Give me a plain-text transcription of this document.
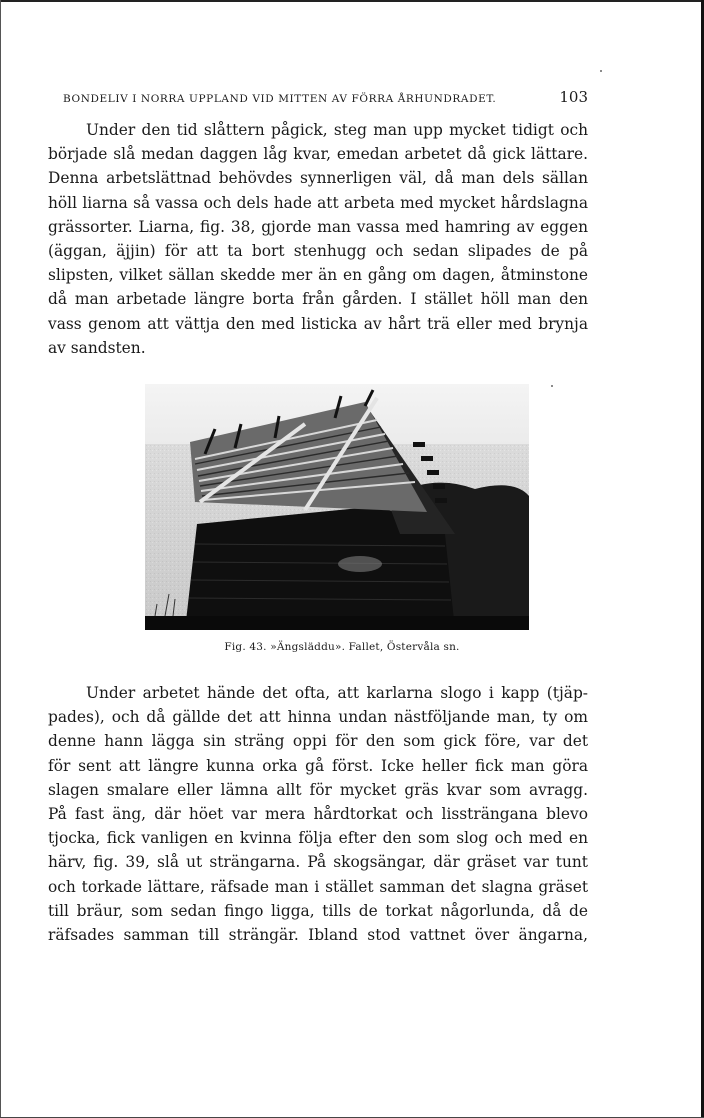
BONDELIV I NORRA UPPLAND VID MITTEN AV FÖRRA ÅRHUNDRADET.	103
Under den tid slåttern pågick, steg man upp mycket tidigt och
började slå medan daggen låg kvar, emedan arbetet då gick lättare.
Denna arbetslättnad behövdes synnerligen väl, då man dels sällan
höll liarna så vassa och dels hade att arbeta med mycket hårdslagna
grässorter. Liarna, fig. 38, gjorde man vassa med hamring av eggen
(äggan, äjjin) för att ta bort stenhugg och sedan slipades de på
slipsten, vilket sällan skedde mer än en gång om dagen, åtminstone
då man arbetade längre borta från gården. I stället höll man den
vass genom att vättja den med listicka av hårt trä eller med brynja
av sandsten.
Fig. 43. »Ängsläddu». Fallet, Östervåla sn.
Under arbetet hände det ofta, att karlarna slogo i kapp (tjäp-
pades), och då gällde det att hinna undan nästföljande man, ty om
denne hann lägga sin sträng oppi för den som gick före, var det
för sent att längre kunna orka gå först. Icke heller fick man göra
slagen smalare eller lämna allt för mycket gräs kvar som avragg.
På fast äng, där höet var mera hårdtorkat och lissträngana blevo
tjocka, fick vanligen en kvinna följa efter den som slog och med en
härv, fig. 39, slå ut strängarna. På skogsängar, där gräset var tunt
och torkade lättare, räfsade man i stället samman det slagna gräset
till bräur, som sedan fingo ligga, tills de torkat någorlunda, då de
räfsades samman till strängär. Ibland stod vattnet över ängarna,
